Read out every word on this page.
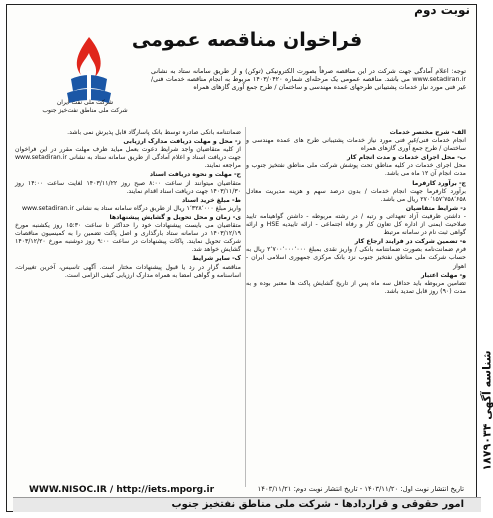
نوبت دوم
فراخوان مناقصه عمومی
شرکت ملی نفت ایران
شرکت ملی مناطق نفت‌خیز جنوب
توجه: اعلام آمادگی جهت شرکت در این مناقصه صرفاً بصورت الکترونیکی (توکن) و از طریق سامانه ستاد به نشانی www.setadiran.ir می باشد. مناقصه عمومی یک مرحله‌ای شماره ۱۴۰۳/۰۴۲۰ مربوط به انجام مناقصه خدمات فنی/غیر فنی مورد نیاز خدمات پشتیبانی طرحهای عمده مهندسی و ساختمان / طرح جمع آوری گازهای همراه

الف- شرح مختصر خدمات
انجام خدمات فنی/غیر فنی مورد نیاز خدمات پشتیبانی طرح های عمده مهندسی و ساختمان / طرح جمع آوری گازهای همراه

ب- محل اجرای خدمات و مدت انجام کار
محل اجرای خدمات در کلیه مناطق تحت پوشش شرکت ملی مناطق نفتخیز جنوب و مدت انجام آن ۱۲ ماه می باشد.

ج- برآورد کارفرما
برآورد کارفرما جهت انجام خدمات / بدون درصد سهم و هزینه مدیریت معادل ۲۷۰٬۱۵۷٬۷۵۸٬۶۵۸ ریال می باشد.

د- شرایط متقاضیان
- داشتن ظرفیت آزاد تعهداتی و رتبه / در رشته مربوطه - داشتن گواهینامه تایید صلاحیت ایمنی از اداره کل تعاون کار و رفاه اجتماعی - ارائه تاییدیه HSE و ارائه گواهی ثبت نام در سامانه مرتبط

ه- تضمین شرکت در فرایند ارجاع کار
فرم ضمانت‌نامه بصورت ضمانتنامه بانکی / واریز نقدی بمبلغ ۲٬۷۰۰٬۰۰۰٬۰۰۰ ریال به حساب شرکت ملی مناطق نفتخیز جنوب نزد بانک مرکزی جمهوری اسلامی ایران - اهواز

و- مهلت اعتبار
تضامین مربوطه باید حداقل سه ماه پس از تاریخ گشایش پاکت ها معتبر بوده و به مدت (۹۰) روز قابل تمدید باشد.

ضمانتنامه بانکی صادره توسط بانک پاسارگاد قابل پذیرش نمی باشد.

ز- محل و مهلت دریافت مدارک ارزیابی
از کلیه متقاضیان واجد شرایط دعوت بعمل میاید ظرف مهلت مقرر در این فراخوان جهت دریافت اسناد و اعلام آمادگی از طریق سامانه ستاد به نشانی www.setadiran.ir مراجعه نمایند.

ح- مهلت و نحوه دریافت اسناد
متقاضیان میتوانند از ساعت ۸:۰۰ صبح روز ۱۴۰۳/۱۱/۲۲ لغایت ساعت ۱۴:۰۰ روز ۱۴۰۳/۱۱/۳۰ جهت دریافت اسناد اقدام نمایند.

ط- مبلغ خرید اسناد
واریز مبلغ ۱٬۳۲۸٬۰۰۰ ریال از طریق درگاه سامانه ستاد به نشانی www.setadiran.ir

ی- زمان و محل تحویل و گشایش پیشنهادها
متقاضیان می بایست پیشنهادات خود را حداکثر تا ساعت ۱۵:۳۰ روز یکشنبه مورخ ۱۴۰۳/۱۲/۱۹ در سامانه ستاد بارگذاری و اصل پاکت تضمین را به کمیسیون مناقصات شرکت تحویل نمایند. پاکات پیشنهادات در ساعت ۹:۰۰ روز دوشنبه مورخ ۱۴۰۳/۱۲/۲۰ گشایش خواهد شد.

ک- سایر شرایط
مناقصه گزار در رد یا قبول پیشنهادات مختار است. آگهی تاسیس، آخرین تغییرات، اساسنامه و گواهی امضا به همراه مدارک ارزیابی کیفی الزامی است.

WWW.NISOC.IR / http://iets.mporg.ir	تاریخ انتشار نوبت اول: ۱۴۰۳/۱۱/۲۰ - تاریخ انتشار نوبت دوم: ۱۴۰۳/۱۱/۲۱
امور حقوقی و قراردادها - شرکت ملی مناطق نفتخیز جنوب
شناسه آگهی ۱۸۷۹۰۳۴
